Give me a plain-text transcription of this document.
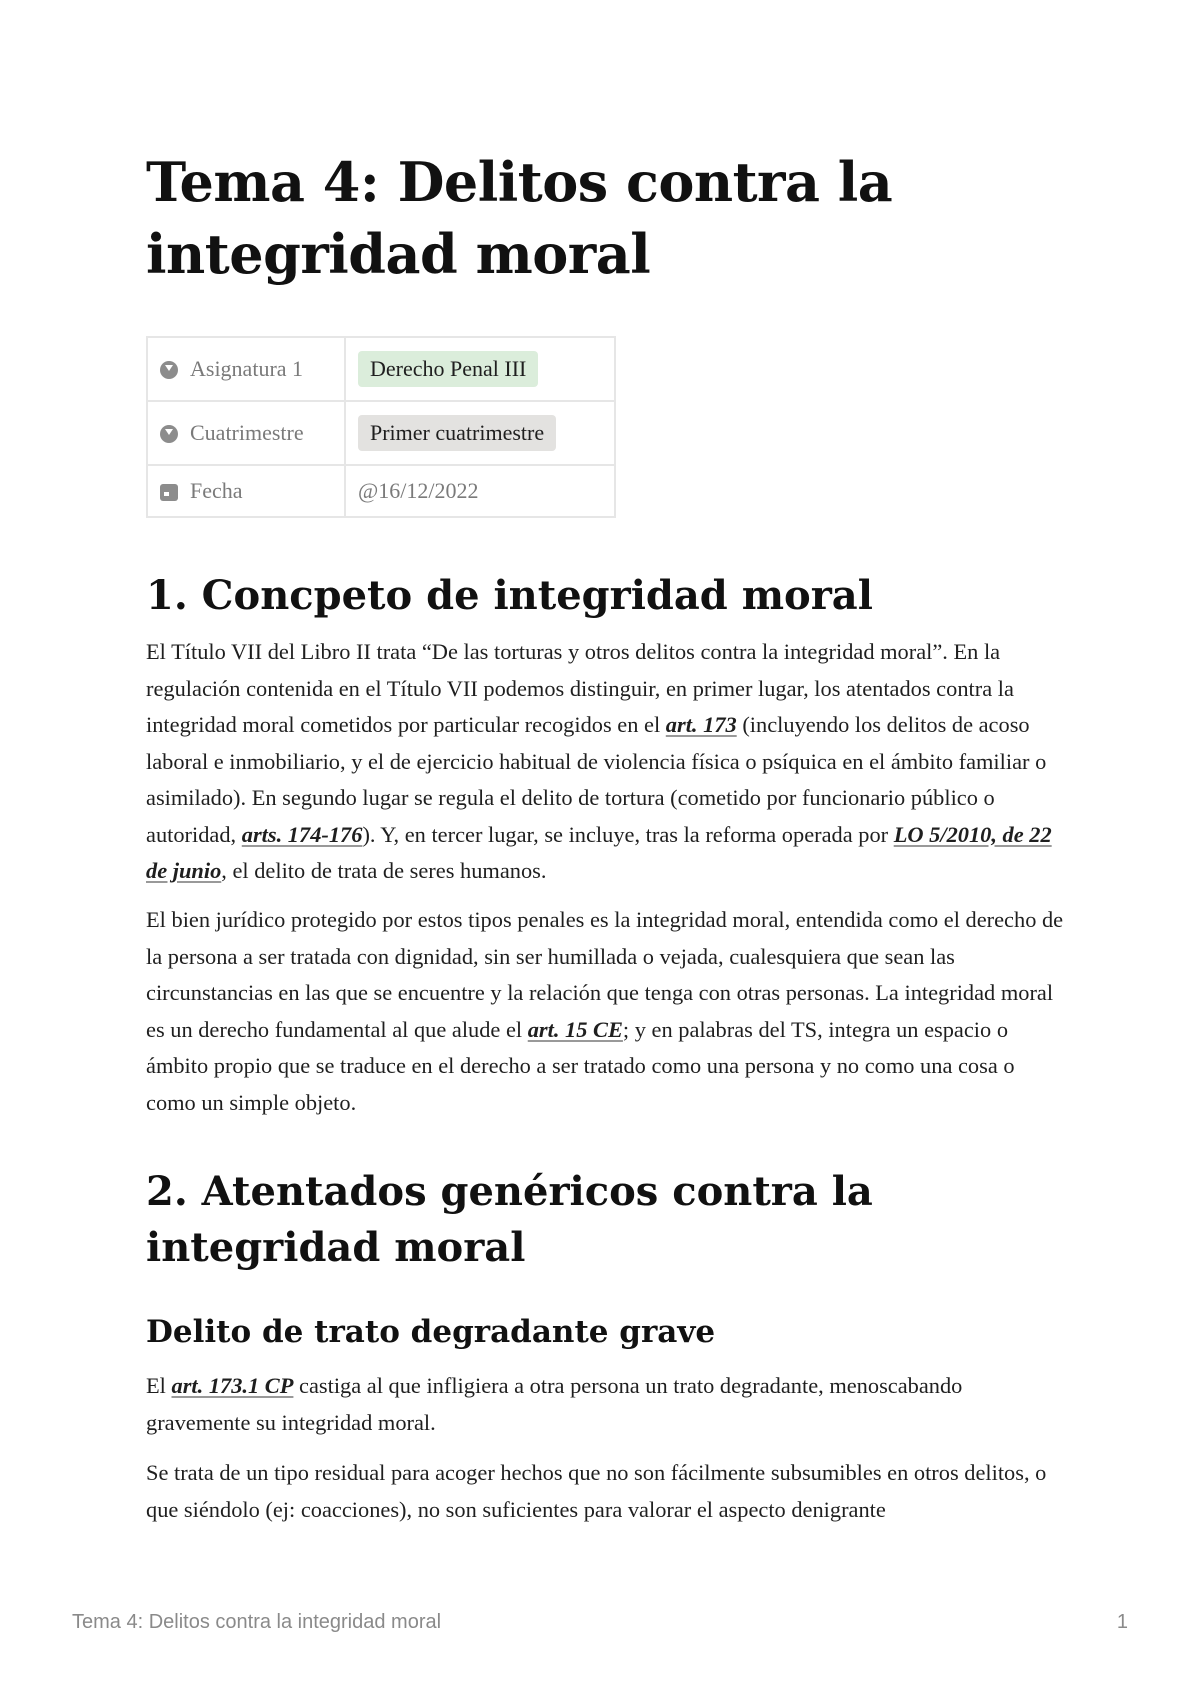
Tema 4: Delitos contra la integridad moral
Asignatura 1	Derecho Penal III
Cuatrimestre	Primer cuatrimestre
Fecha	@16/12/2022
1. Concpeto de integridad moral

El Título VII del Libro II trata “De las torturas y otros delitos contra la integridad moral”. En la regulación contenida en el Título VII podemos distinguir, en primer lugar, los atentados contra la integridad moral cometidos por particular recogidos en el art. 173 (incluyendo los delitos de acoso laboral e inmobiliario, y el de ejercicio habitual de violencia física o psíquica en el ámbito familiar o asimilado). En segundo lugar se regula el delito de tortura (cometido por funcionario público o autoridad, arts. 174-176). Y, en tercer lugar, se incluye, tras la reforma operada por LO 5/2010, de 22 de junio, el delito de trata de seres humanos.

El bien jurídico protegido por estos tipos penales es la integridad moral, entendida como el derecho de la persona a ser tratada con dignidad, sin ser humillada o vejada, cualesquiera que sean las circunstancias en las que se encuentre y la relación que tenga con otras personas. La integridad moral es un derecho fundamental al que alude el art. 15 CE; y en palabras del TS, integra un espacio o ámbito propio que se traduce en el derecho a ser tratado como una persona y no como una cosa o como un simple objeto.

2. Atentados genéricos contra la integridad moral
Delito de trato degradante grave

El art. 173.1 CP castiga al que infligiera a otra persona un trato degradante, menoscabando gravemente su integridad moral.

Se trata de un tipo residual para acoger hechos que no son fácilmente subsumibles en otros delitos, o que siéndolo (ej: coacciones), no son suficientes para valorar el aspecto denigrante

Tema 4: Delitos contra la integridad moral	1
